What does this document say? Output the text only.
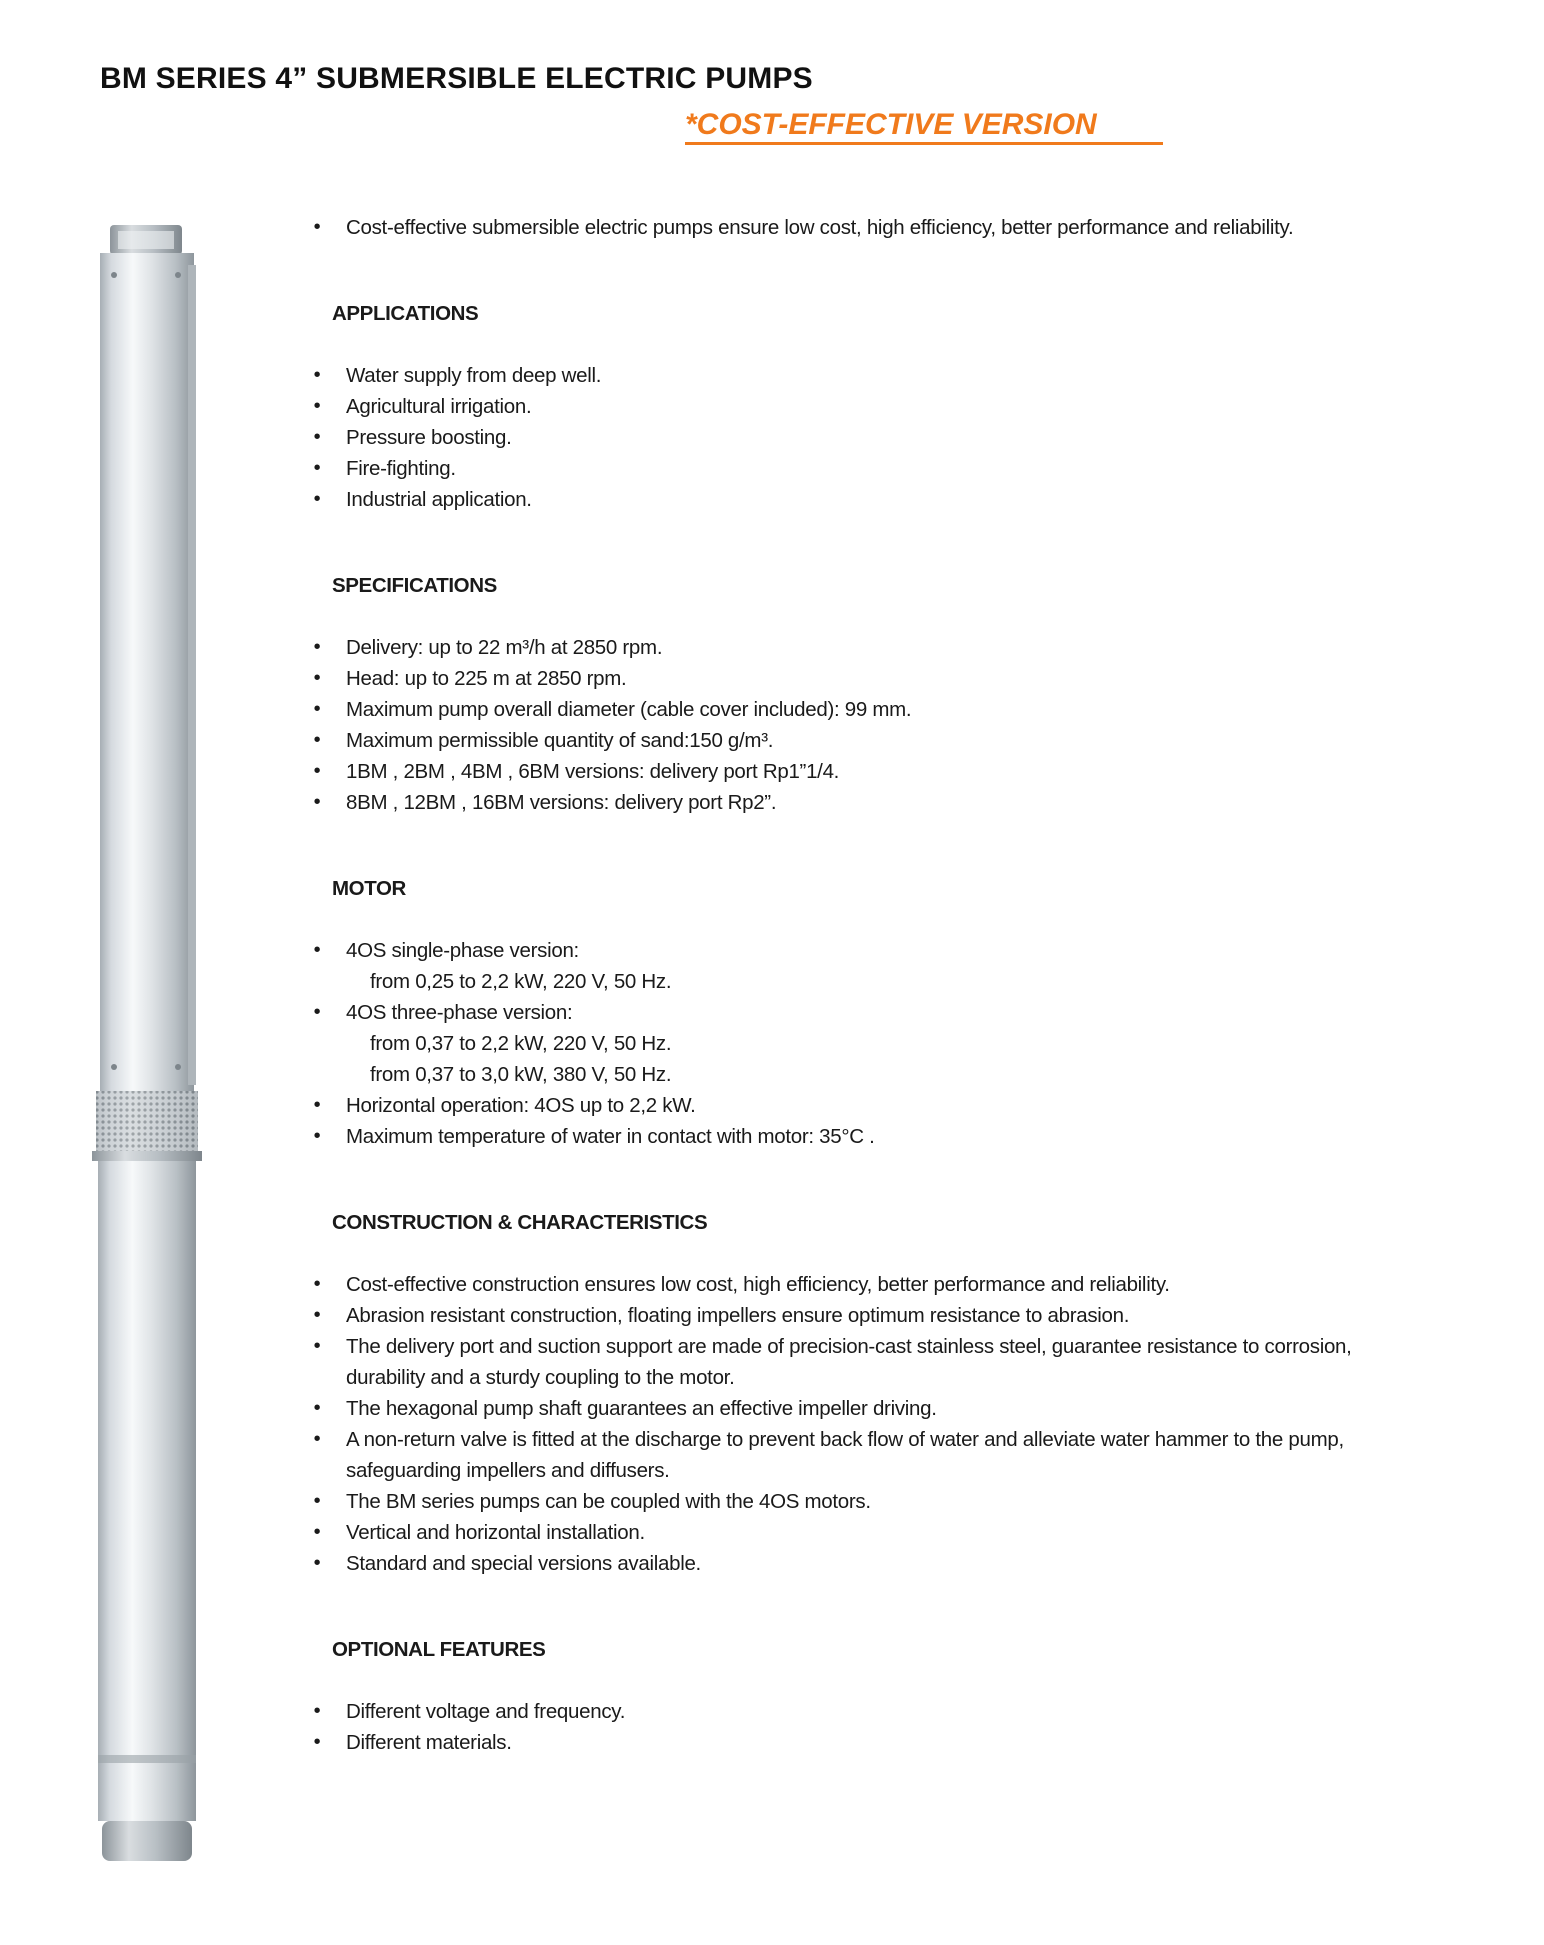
BM SERIES 4” SUBMERSIBLE ELECTRIC PUMPS
*COST-EFFECTIVE VERSION
• Cost-effective submersible electric pumps ensure low cost, high efficiency, better performance and reliability.
APPLICATIONS
• Water supply from deep well.
• Agricultural irrigation.
• Pressure boosting.
• Fire-fighting.
• Industrial application.
SPECIFICATIONS
• Delivery: up to 22 m³/h at 2850 rpm.
• Head: up to 225 m at 2850 rpm.
• Maximum pump overall diameter (cable cover included): 99 mm.
• Maximum permissible quantity of sand:150 g/m³.
• 1BM , 2BM , 4BM , 6BM versions: delivery port Rp1”1/4.
• 8BM , 12BM , 16BM versions: delivery port Rp2”.
MOTOR
• 4OS single-phase version:
from 0,25 to 2,2 kW, 220 V, 50 Hz.
• 4OS three-phase version:
from 0,37 to 2,2 kW, 220 V, 50 Hz.
from 0,37 to 3,0 kW, 380 V, 50 Hz.
• Horizontal operation: 4OS up to 2,2 kW.
• Maximum temperature of water in contact with motor: 35°C .
CONSTRUCTION & CHARACTERISTICS
• Cost-effective construction ensures low cost, high efficiency, better performance and reliability.
• Abrasion resistant construction, floating impellers ensure optimum resistance to abrasion.
• The delivery port and suction support are made of precision-cast stainless steel, guarantee resistance to corrosion, durability and a sturdy coupling to the motor.
• The hexagonal pump shaft guarantees an effective impeller driving.
• A non-return valve is fitted at the discharge to prevent back flow of water and alleviate water hammer to the pump, safeguarding impellers and diffusers.
• The BM series pumps can be coupled with the 4OS motors.
• Vertical and horizontal installation.
• Standard and special versions available.
OPTIONAL FEATURES
• Different voltage and frequency.
• Different materials.
